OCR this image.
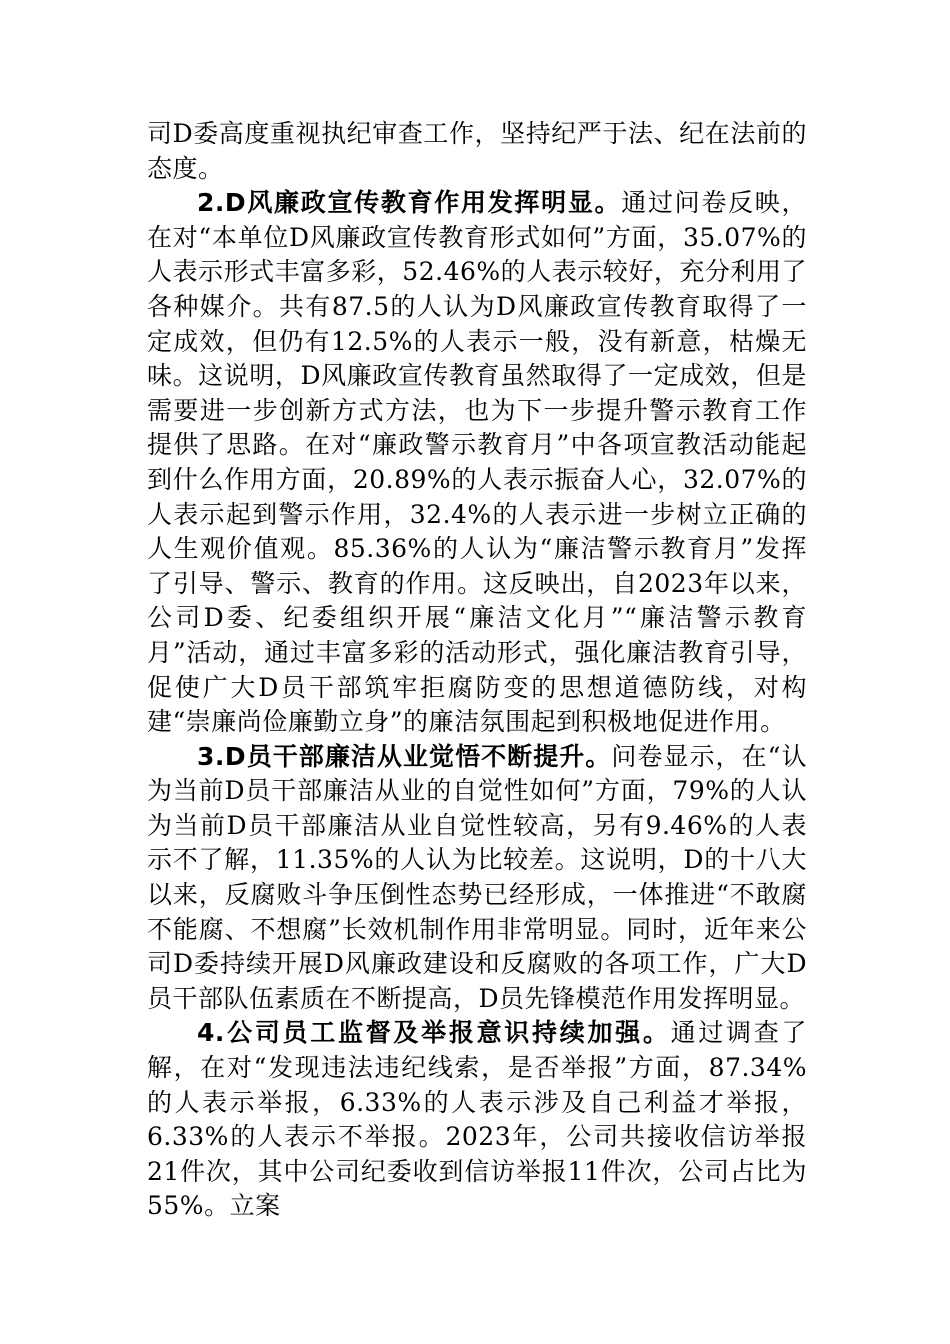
司D委高度重视执纪审查工作，坚持纪严于法、纪在法前的态度。

2.D风廉政宣传教育作用发挥明显。通过问卷反映，在对“本单位D风廉政宣传教育形式如何”方面，35.07%的人表示形式丰富多彩，52.46%的人表示较好，充分利用了各种媒介。共有87.5的人认为D风廉政宣传教育取得了一定成效，但仍有12.5%的人表示一般，没有新意，枯燥无味。这说明，D风廉政宣传教育虽然取得了一定成效，但是需要进一步创新方式方法，也为下一步提升警示教育工作提供了思路。在对“廉政警示教育月”中各项宣教活动能起到什么作用方面，20.89%的人表示振奋人心，32.07%的人表示起到警示作用，32.4%的人表示进一步树立正确的人生观价值观。85.36%的人认为“廉洁警示教育月”发挥了引导、警示、教育的作用。这反映出，自2023年以来，公司D委、纪委组织开展“廉洁文化月”“廉洁警示教育月”活动，通过丰富多彩的活动形式，强化廉洁教育引导，促使广大D员干部筑牢拒腐防变的思想道德防线，对构建“崇廉尚俭廉勤立身”的廉洁氛围起到积极地促进作用。

3.D员干部廉洁从业觉悟不断提升。问卷显示，在“认为当前D员干部廉洁从业的自觉性如何”方面，79%的人认为当前D员干部廉洁从业自觉性较高，另有9.46%的人表示不了解，11.35%的人认为比较差。这说明，D的十八大以来，反腐败斗争压倒性态势已经形成，一体推进“不敢腐不能腐、不想腐”长效机制作用非常明显。同时，近年来公司D委持续开展D风廉政建设和反腐败的各项工作，广大D员干部队伍素质在不断提高，D员先锋模范作用发挥明显。

4.公司员工监督及举报意识持续加强。通过调查了解，在对“发现违法违纪线索，是否举报”方面，87.34%的人表示举报，6.33%的人表示涉及自己利益才举报，6.33%的人表示不举报。2023年，公司共接收信访举报21件次，其中公司纪委收到信访举报11件次，公司占比为55%。立案
